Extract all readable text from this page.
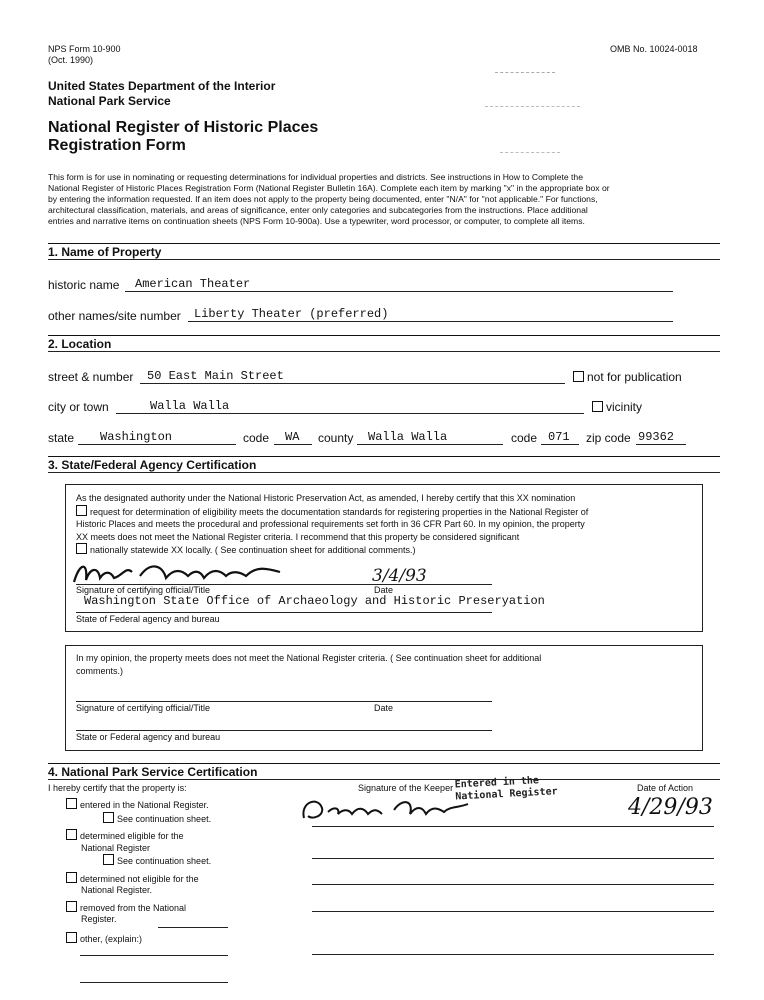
NPS Form 10-900
(Oct. 1990)
OMB No. 10024-0018
United States Department of the Interior
National Park Service
National Register of Historic Places
Registration Form
This form is for use in nominating or requesting determinations for individual properties and districts. See instructions in How to Complete the
National Register of Historic Places Registration Form (National Register Bulletin 16A). Complete each item by marking "x" in the appropriate box or
by entering the information requested. If an item does not apply to the property being documented, enter "N/A" for "not applicable." For functions,
architectural classification, materials, and areas of significance, enter only categories and subcategories from the instructions. Place additional
entries and narrative items on continuation sheets (NPS Form 10-900a). Use a typewriter, word processor, or computer, to complete all items.
1. Name of Property
historic name American Theater
other names/site number Liberty Theater (preferred)
2. Location
street & number 50 East Main Street	not for publication
city or town	Walla Walla	vicinity
state Washington	code WA county Walla Walla	code 071 zip code 99362
3. State/Federal Agency Certification
As the designated authority under the National Historic Preservation Act, as amended, I hereby certify that this XX nomination
request for determination of eligibility meets the documentation standards for registering properties in the National Register of
Historic Places and meets the procedural and professional requirements set forth in 36 CFR Part 60. In my opinion, the property
XX meets does not meet the National Register criteria. I recommend that this property be considered significant
nationally statewide XX locally. ( See continuation sheet for additional comments.)
3/4/93
Signature of certifying official/Title	Date
Washington State Office of Archaeology and Historic Preseryation
State of Federal agency and bureau
In my opinion, the property meets does not meet the National Register criteria. ( See continuation sheet for additional
comments.)
Signature of certifying official/Title	Date
State or Federal agency and bureau
4. National Park Service Certification
I hereby certify that the property is:	Signature of the Keeper	Date of Action
Entered in the National Register
4/29/93
entered in the National Register.
See continuation sheet.
determined eligible for the
National Register
See continuation sheet.
determined not eligible for the
National Register.
removed from the National
Register.
other, (explain:)
